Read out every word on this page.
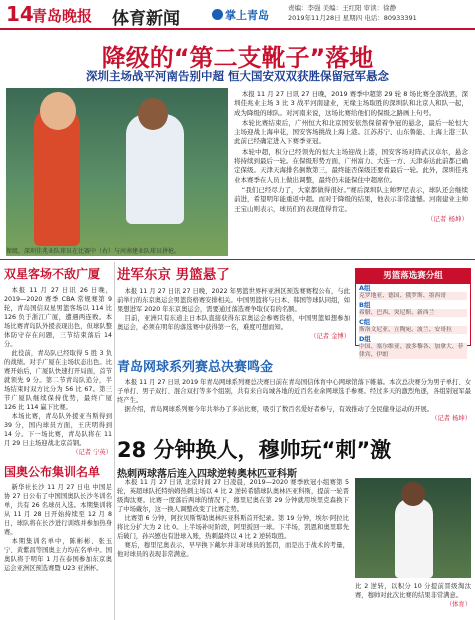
14
青岛晚报 体育新闻	掌上青岛
责编：李强 美编：王红阳 审读：徐静
2019年11月28日 星期四 电话：80933391
降级的“第二支靴子”落地
深圳主场战平河南告别中超 恒大国安双双获胜保留冠军悬念
保级，深圳佳兆业队球员在比赛中（右）与河南建业队球员拼抢。

本报 11 月 27 日讯 27 日晚，2019 赛季中超第 29 轮 8 场比赛全部战罢，深圳佳兆业主场 3 比 3 战平河南建业，无缘主场取胜的深圳队和北京人和队一起，成为降级的球队。对河南来说，这场比赛给他们的保级之路画上句号。

本轮比赛结束后，广州恒大和北京国安依然保留着争冠的悬念，最后一轮恒大主场迎战上海申花，国安客场挑战上海上港。江苏苏宁、山东鲁能、上海上港三队此前已经确定进入下赛季亚冠。

本轮中超，积分已经领先的恒大主场迎战上港，国安客场对阵武汉卓尔，悬念将持续到最后一轮。在保级形势方面，广州富力、大连一方、天津泰达此前都已确定保级。天津天海排名倒数第三，最终能否保级还要看最后一轮。此外，深圳佳兆业本赛季在人员上做出调整，最终仍未能保住中超席位。

“我们已经尽力了，大家都做得很好。”赛后深圳队主帅罗尼表示，球队还会继续前进，希望明年能重返中超。而对于降级的结果，他表示非常遗憾。河南建业主帅王宝山则表示，球员们的表现值得肯定。

（记者 杨坤）

双星客场不敌广厦

本报 11 月 27 日讯 26 日晚，2019—2020 赛季 CBA 常规赛第 9 轮，青岛国信双星男篮客场以 114 比 126 负于浙江广厦，遭遇两连败。本场比赛青岛队外援表现出色，但球队整体防守存在问题，三节结束落后 14 分。

此役前，青岛队已经取得 5 胜 3 负的战绩。对手广厦在主场状态出色。比赛开始后，广厦队快速打开局面，首节就领先 9 分。第二节青岛队追分，半场结束时双方比分为 56 比 67。第三节广厦队继续保持优势，最终广厦 126 比 114 赢下比赛。

本场比赛，青岛队外援亚当斯得到 39 分，国内球员方面，王庆明得到 14 分。下一场比赛，青岛队将在 11 月 29 日主场迎战北京首钢。

（记者 宁英）

国奥公布集训名单

新华社长沙 11 月 27 日电 中国足协 27 日公布了中国国奥队长沙冬训名单，共有 26 名球员入选。本期集训将从 11 月 28 日开始持续至 12 月 8 日，球队将在长沙进行训练并参加热身赛。

本期集训名单中，陈彬彬、张玉宁、黄紫昌等国奥主力均在名单中。国奥队将于明年 1 月在泰国参加东京奥运会亚洲区预选赛暨 U23 亚洲杯。

进军东京 男篮悬了

本报 11 月 27 日讯 27 日晚，2022 年男篮世界杯亚洲区预选赛赛程公布，与此前举行的东京奥运会男篮资格赛安排相关。中国男篮将与日本、韩国等球队同组，如果想进军 2020 年东京奥运会，需要通过落选赛争取仅有的名额。

目前，亚洲只有东道主日本队直接获得东京奥运会参赛资格，中国男篮如想参加奥运会，必须在明年的落选赛中获得第一名，难度可想而知。

（记者 金博）

男篮落选赛分组
A组
克罗地亚、德国、俄罗斯、墨西哥
B组
希腊、巴西、突尼斯、新西兰
C组
斯洛文尼亚、立陶宛、波兰、安哥拉
D组
中国、塞尔维亚、波多黎各、加拿大、菲律宾、伊朗
青岛网球系列赛总决赛鸣金

本报 11 月 27 日讯 2019 年青岛网球系列赛总决赛日前在青岛国信体育中心网球馆落下帷幕。本次总决赛分为男子单打、女子单打、男子双打、混合双打等多个组别，共有来自岛城各地的近百名业余网球选手参赛。经过多天的激烈角逐，各组别冠军最终产生。

据介绍，青岛网球系列赛今年共举办了多站比赛，吸引了数百名爱好者参与，有效推动了全民健身运动的开展。

（记者 杨坤）

28 分钟换人，穆帅玩“刺”激
热刺两球落后连入四球逆转奥林匹亚科斯

本报 11 月 27 日讯 北京时间 27 日凌晨，2019—2020 赛季欧冠小组赛第 5 轮，英超球队托特纳姆热刺主场以 4 比 2 逆转希腊球队奥林匹亚科斯，提前一轮晋级淘汰赛。比赛一度落后两球的情况下，穆里尼奥在第 29 分钟就用埃里克森换下了中场戴尔，这一换人调整改变了比赛走势。

比赛第 6 分钟，阿拉贝斯帮助奥林匹亚科斯首开纪录。第 19 分钟，埃尔·阿拉比将比分扩大为 2 比 0。上半场补时阶段，阿里扳回一球。下半场，凯恩和奥里耶先后破门，孙兴慜也有进球入账，热刺最终以 4 比 2 逆转取胜。

赛后，穆里尼奥表示，早早换下戴尔并非对球员的惩罚，而是出于战术的考量，他对球员的表现非常满意。

比 2 逆转，以积分 10 分提前晋级淘汰赛，穆帅对此次比赛的结果非常满意。

（体育）
